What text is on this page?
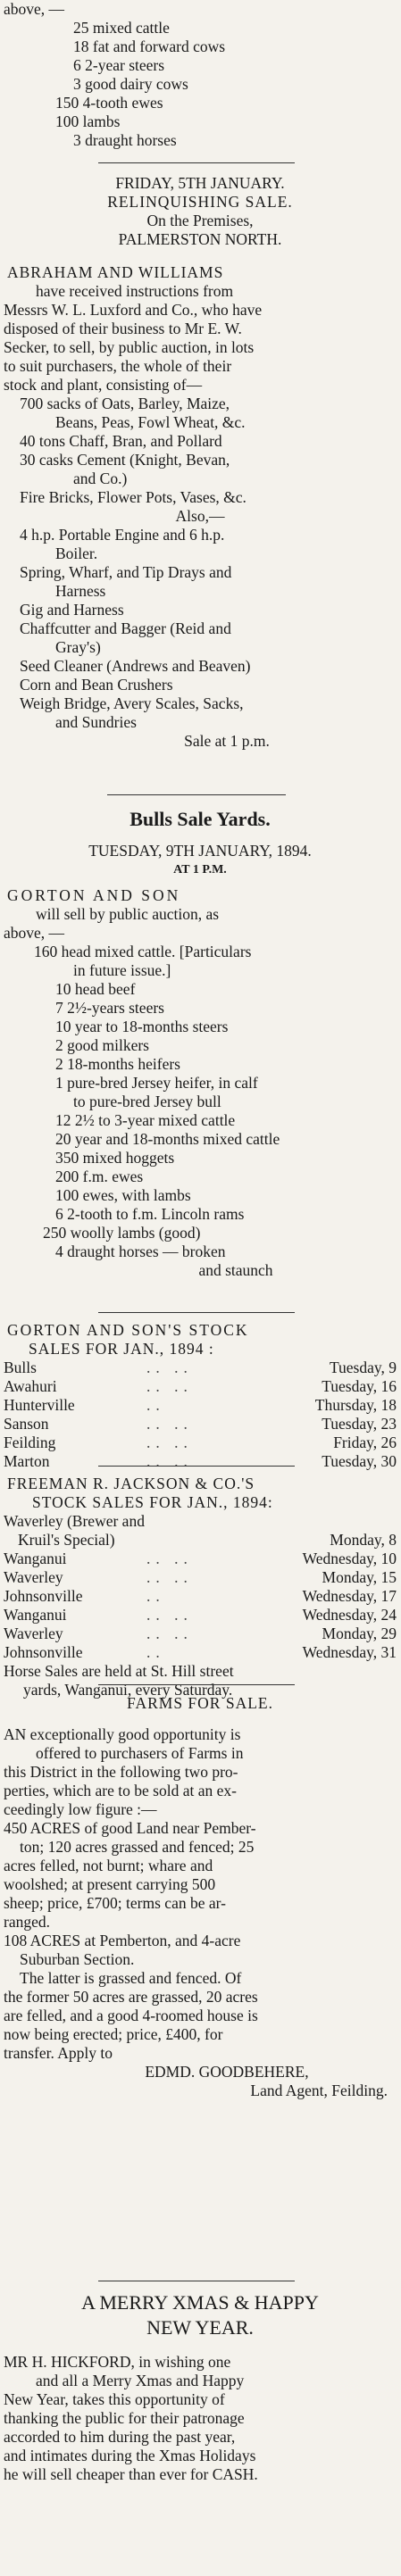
above, —
25 mixed cattle
18 fat and forward cows
6 2-year steers
3 good dairy cows
150 4-tooth ewes
100 lambs
3 draught horses
FRIDAY, 5TH JANUARY.
RELINQUISHING SALE.
On the Premises,
PALMERSTON NORTH.
ABRAHAM AND WILLIAMS
have received instructions from
Messrs W. L. Luxford and Co., who have
disposed of their business to Mr E. W.
Secker, to sell, by public auction, in lots
to suit purchasers, the whole of their
stock and plant, consisting of—
700 sacks of Oats, Barley, Maize,
Beans, Peas, Fowl Wheat, &c.
40 tons Chaff, Bran, and Pollard
30 casks Cement (Knight, Bevan,
and Co.)
Fire Bricks, Flower Pots, Vases, &c.
Also,—
4 h.p. Portable Engine and 6 h.p.
Boiler.
Spring, Wharf, and Tip Drays and
Harness
Gig and Harness
Chaffcutter and Bagger (Reid and
Gray's)
Seed Cleaner (Andrews and Beaven)
Corn and Bean Crushers
Weigh Bridge, Avery Scales, Sacks,
and Sundries
Sale at 1 p.m.
Bulls Sale Yards.
TUESDAY, 9TH JANUARY, 1894.
AT 1 P.M.
GORTON AND SON
will sell by public auction, as
above, —
160 head mixed cattle. [Particulars
in future issue.]
10 head beef
7 2½-years steers
10 year to 18-months steers
2 good milkers
2 18-months heifers
1 pure-bred Jersey heifer, in calf
to pure-bred Jersey bull
12 2½ to 3-year mixed cattle
20 year and 18-months mixed cattle
350 mixed hoggets
200 f.m. ewes
100 ewes, with lambs
6 2-tooth to f.m. Lincoln rams
250 woolly lambs (good)
4 draught horses — broken
and staunch
GORTON AND SON'S STOCK
SALES FOR JAN., 1894 :
Bulls	.. ..	Tuesday, 9
Awahuri	.. ..	Tuesday, 16
Hunterville	..	Thursday, 18
Sanson	.. ..	Tuesday, 23
Feilding	.. ..	Friday, 26
Marton	.. ..	Tuesday, 30
FREEMAN R. JACKSON & CO.'S
STOCK SALES FOR JAN., 1894:
Waverley (Brewer and
Kruil's Special)	Monday, 8
Wanganui	.. ..	Wednesday, 10
Waverley	.. ..	Monday, 15
Johnsonville	..	Wednesday, 17
Wanganui	.. ..	Wednesday, 24
Waverley	.. ..	Monday, 29
Johnsonville	..	Wednesday, 31
Horse Sales are held at St. Hill street
yards, Wanganui, every Saturday.
FARMS FOR SALE.
AN exceptionally good opportunity is
offered to purchasers of Farms in
this District in the following two pro-
perties, which are to be sold at an ex-
ceedingly low figure :—
450 ACRES of good Land near Pember-
ton; 120 acres grassed and fenced; 25
acres felled, not burnt; whare and
woolshed; at present carrying 500
sheep; price, £700; terms can be ar-
ranged.
108 ACRES at Pemberton, and 4-acre
Suburban Section.
The latter is grassed and fenced. Of
the former 50 acres are grassed, 20 acres
are felled, and a good 4-roomed house is
now being erected; price, £400, for
transfer. Apply to
EDMD. GOODBEHERE,
Land Agent, Feilding.
A MERRY XMAS & HAPPY
NEW YEAR.
MR H. HICKFORD, in wishing one
and all a Merry Xmas and Happy
New Year, takes this opportunity of
thanking the public for their patronage
accorded to him during the past year,
and intimates during the Xmas Holidays
he will sell cheaper than ever for CASH.
